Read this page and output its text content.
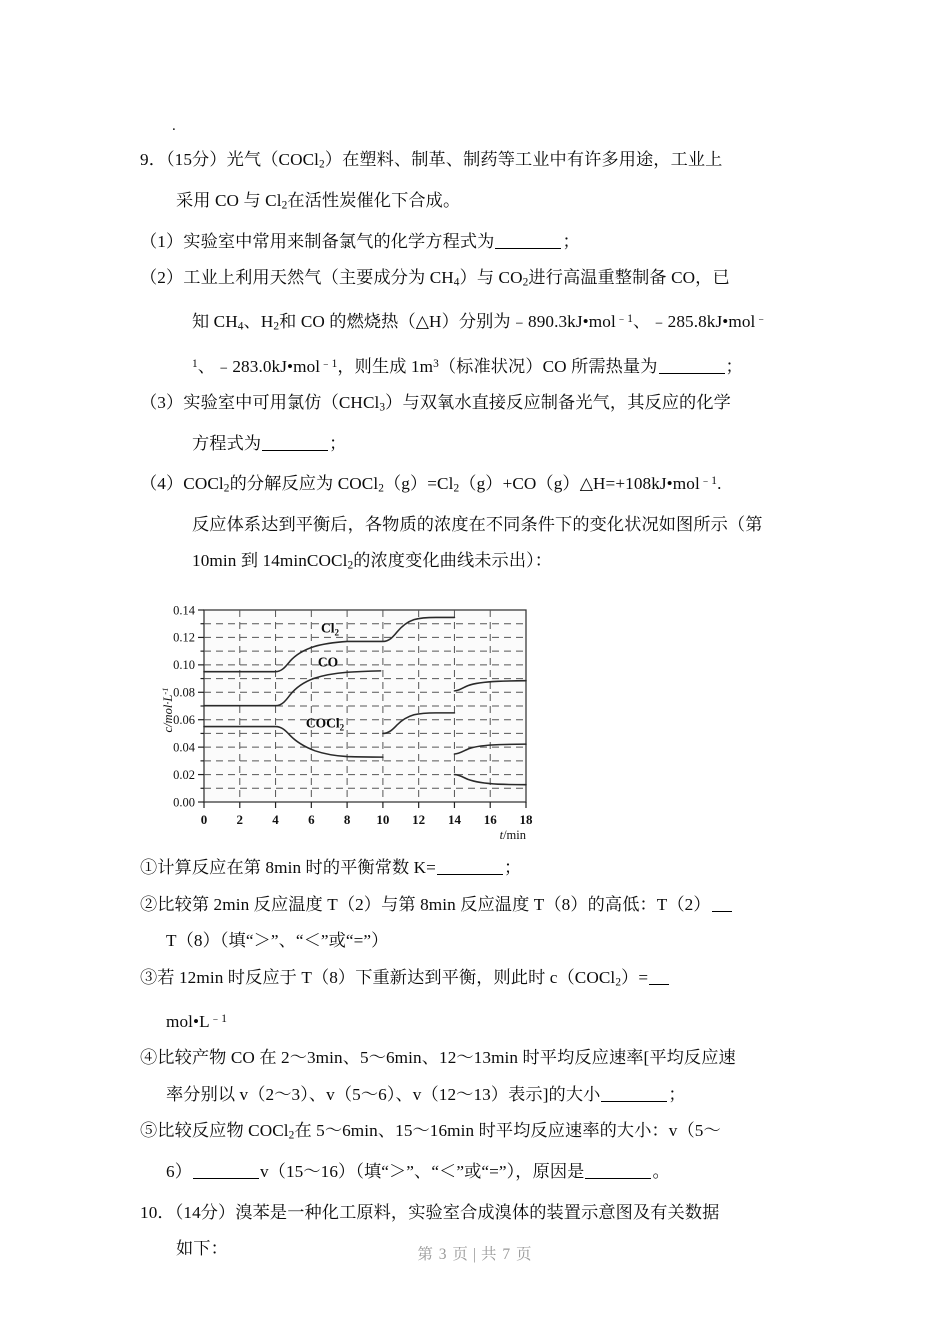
.
9．（15分）光气（COCl$_2$）在塑料、制革、制药等工业中有许多用途，工业上
采用 CO 与 $Cl_2$在活性炭催化下合成。
（1）实验室中常用来制备氯气的化学方程式为	；
（2）工业上利用天然气（主要成分为 $CH_4$）与 $CO_2$进行高温重整制备 CO，已
知 $CH_4$、$H_2$和 CO 的燃烧热（△H）分别为﹣890.3kJ•mol$^{﹣1}$、﹣285.8kJ•mol﹣
$^1$、﹣283.0kJ•mol$^{﹣1}$，则生成 $1m^3$（标准状况）CO 所需热量为	；
（3）实验室中可用氯仿（CHCl$_3$）与双氧水直接反应制备光气，其反应的化学
方程式为	；
（4）COCl$_2$的分解反应为 $COCl_2(g)=Cl_2(g)+CO(g)\triangle H=+108kJ•mol^{﹣1}$.
反应体系达到平衡后，各物质的浓度在不同条件下的变化状况如图所示（第
10min 到 14minCOCl$_2$的浓度变化曲线未示出）：
0.00
0.02
0.04
0.06
0.08
0.10
0.12
0.14
$c/mol\cdot L^{-1}$
0 2 4 6 8 10 12 14 16 18
t/min
$Cl_2$
CO
COCl$_2$
①计算反应在第 8min 时的平衡常数 K=	；
②比较第 2min 反应温度 T（2）与第 8min 反应温度 T（8）的高低：T（2）
T（8）（填“＞”、“＜”或“=”）
③若 12min 时反应于 T（8）下重新达到平衡，则此时 c（COCl$_2$）=
$mol•L^{﹣1}$
④比较产物 CO 在 2～3min、5～6min、12～13min 时平均反应速率[平均反应速
率分别以 v（2～3）、v（5～6）、v（12～13）表示]的大小	；
⑤比较反应物 COCl$_2$在 5～6min、15～16min 时平均反应速率的大小：v（5～
6）	v（15～16）（填“＞”、“＜”或“=”），原因是	。
10．（14分）溴苯是一种化工原料，实验室合成溴体的装置示意图及有关数据
如下：	第 3 页 | 共 7 页
